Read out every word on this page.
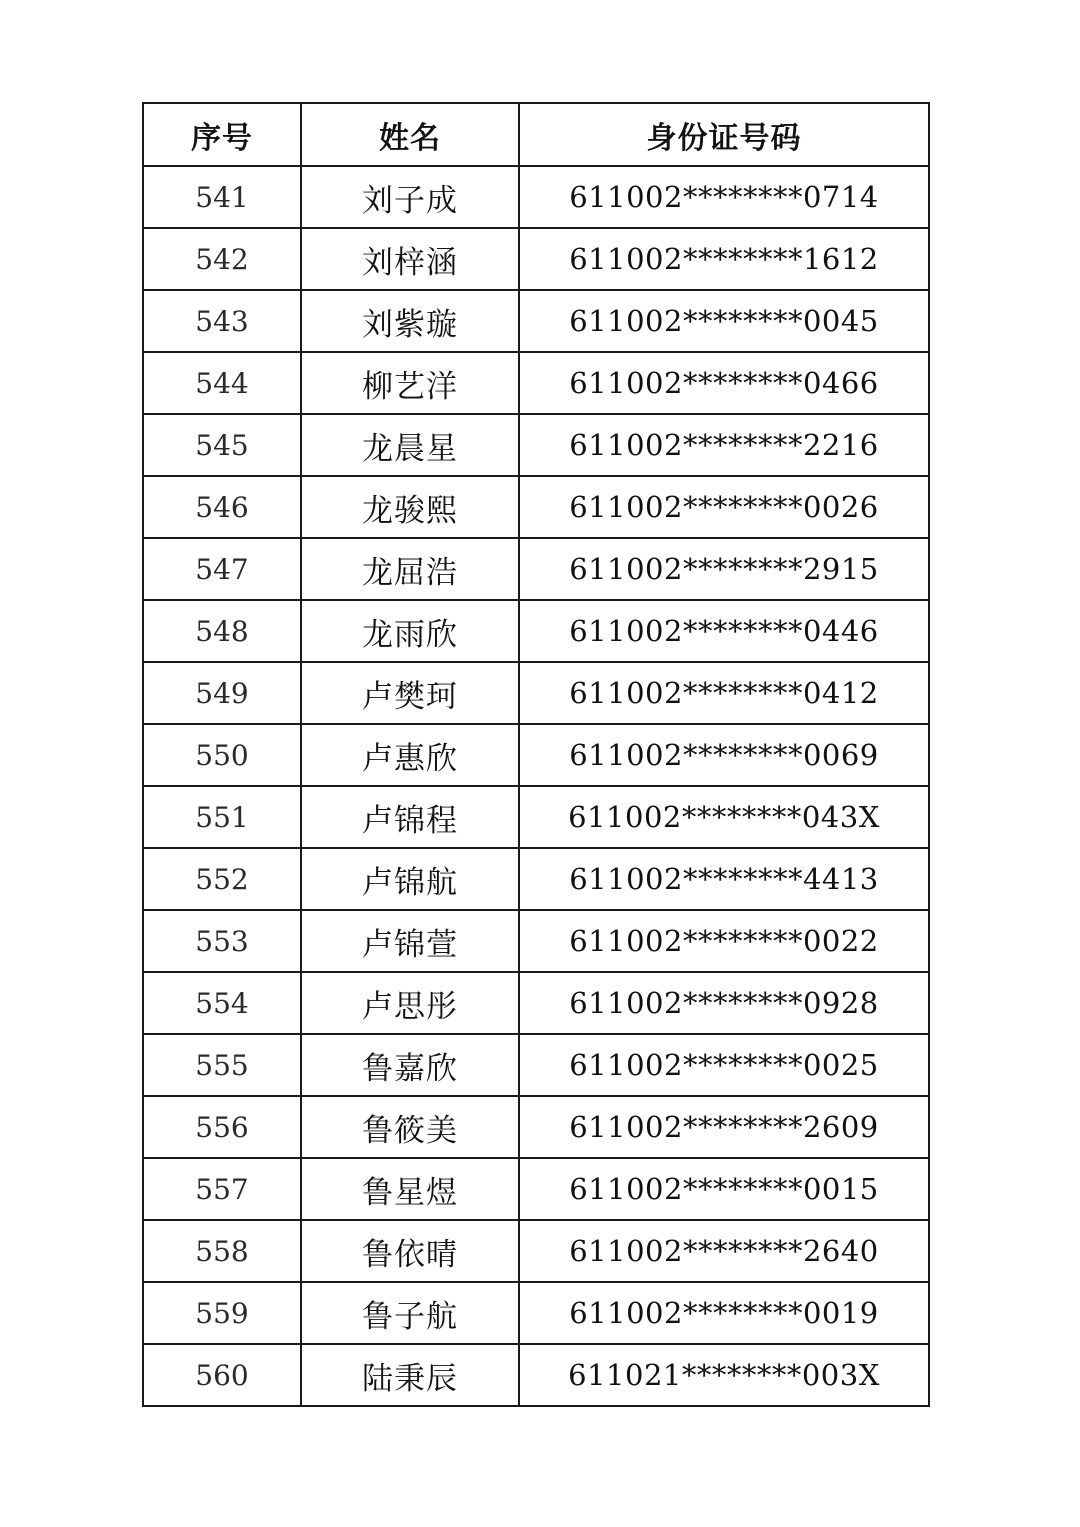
序号	姓名	身份证号码
541	刘子成	611002********0714
542	刘梓涵	611002********1612
543	刘紫璇	611002********0045
544	柳艺洋	611002********0466
545	龙晨星	611002********2216
546	龙骏熙	611002********0026
547	龙屈浩	611002********2915
548	龙雨欣	611002********0446
549	卢樊珂	611002********0412
550	卢惠欣	611002********0069
551	卢锦程	611002********043X
552	卢锦航	611002********4413
553	卢锦萱	611002********0022
554	卢思彤	611002********0928
555	鲁嘉欣	611002********0025
556	鲁筱美	611002********2609
557	鲁星煜	611002********0015
558	鲁依晴	611002********2640
559	鲁子航	611002********0019
560	陆秉辰	611021********003X
